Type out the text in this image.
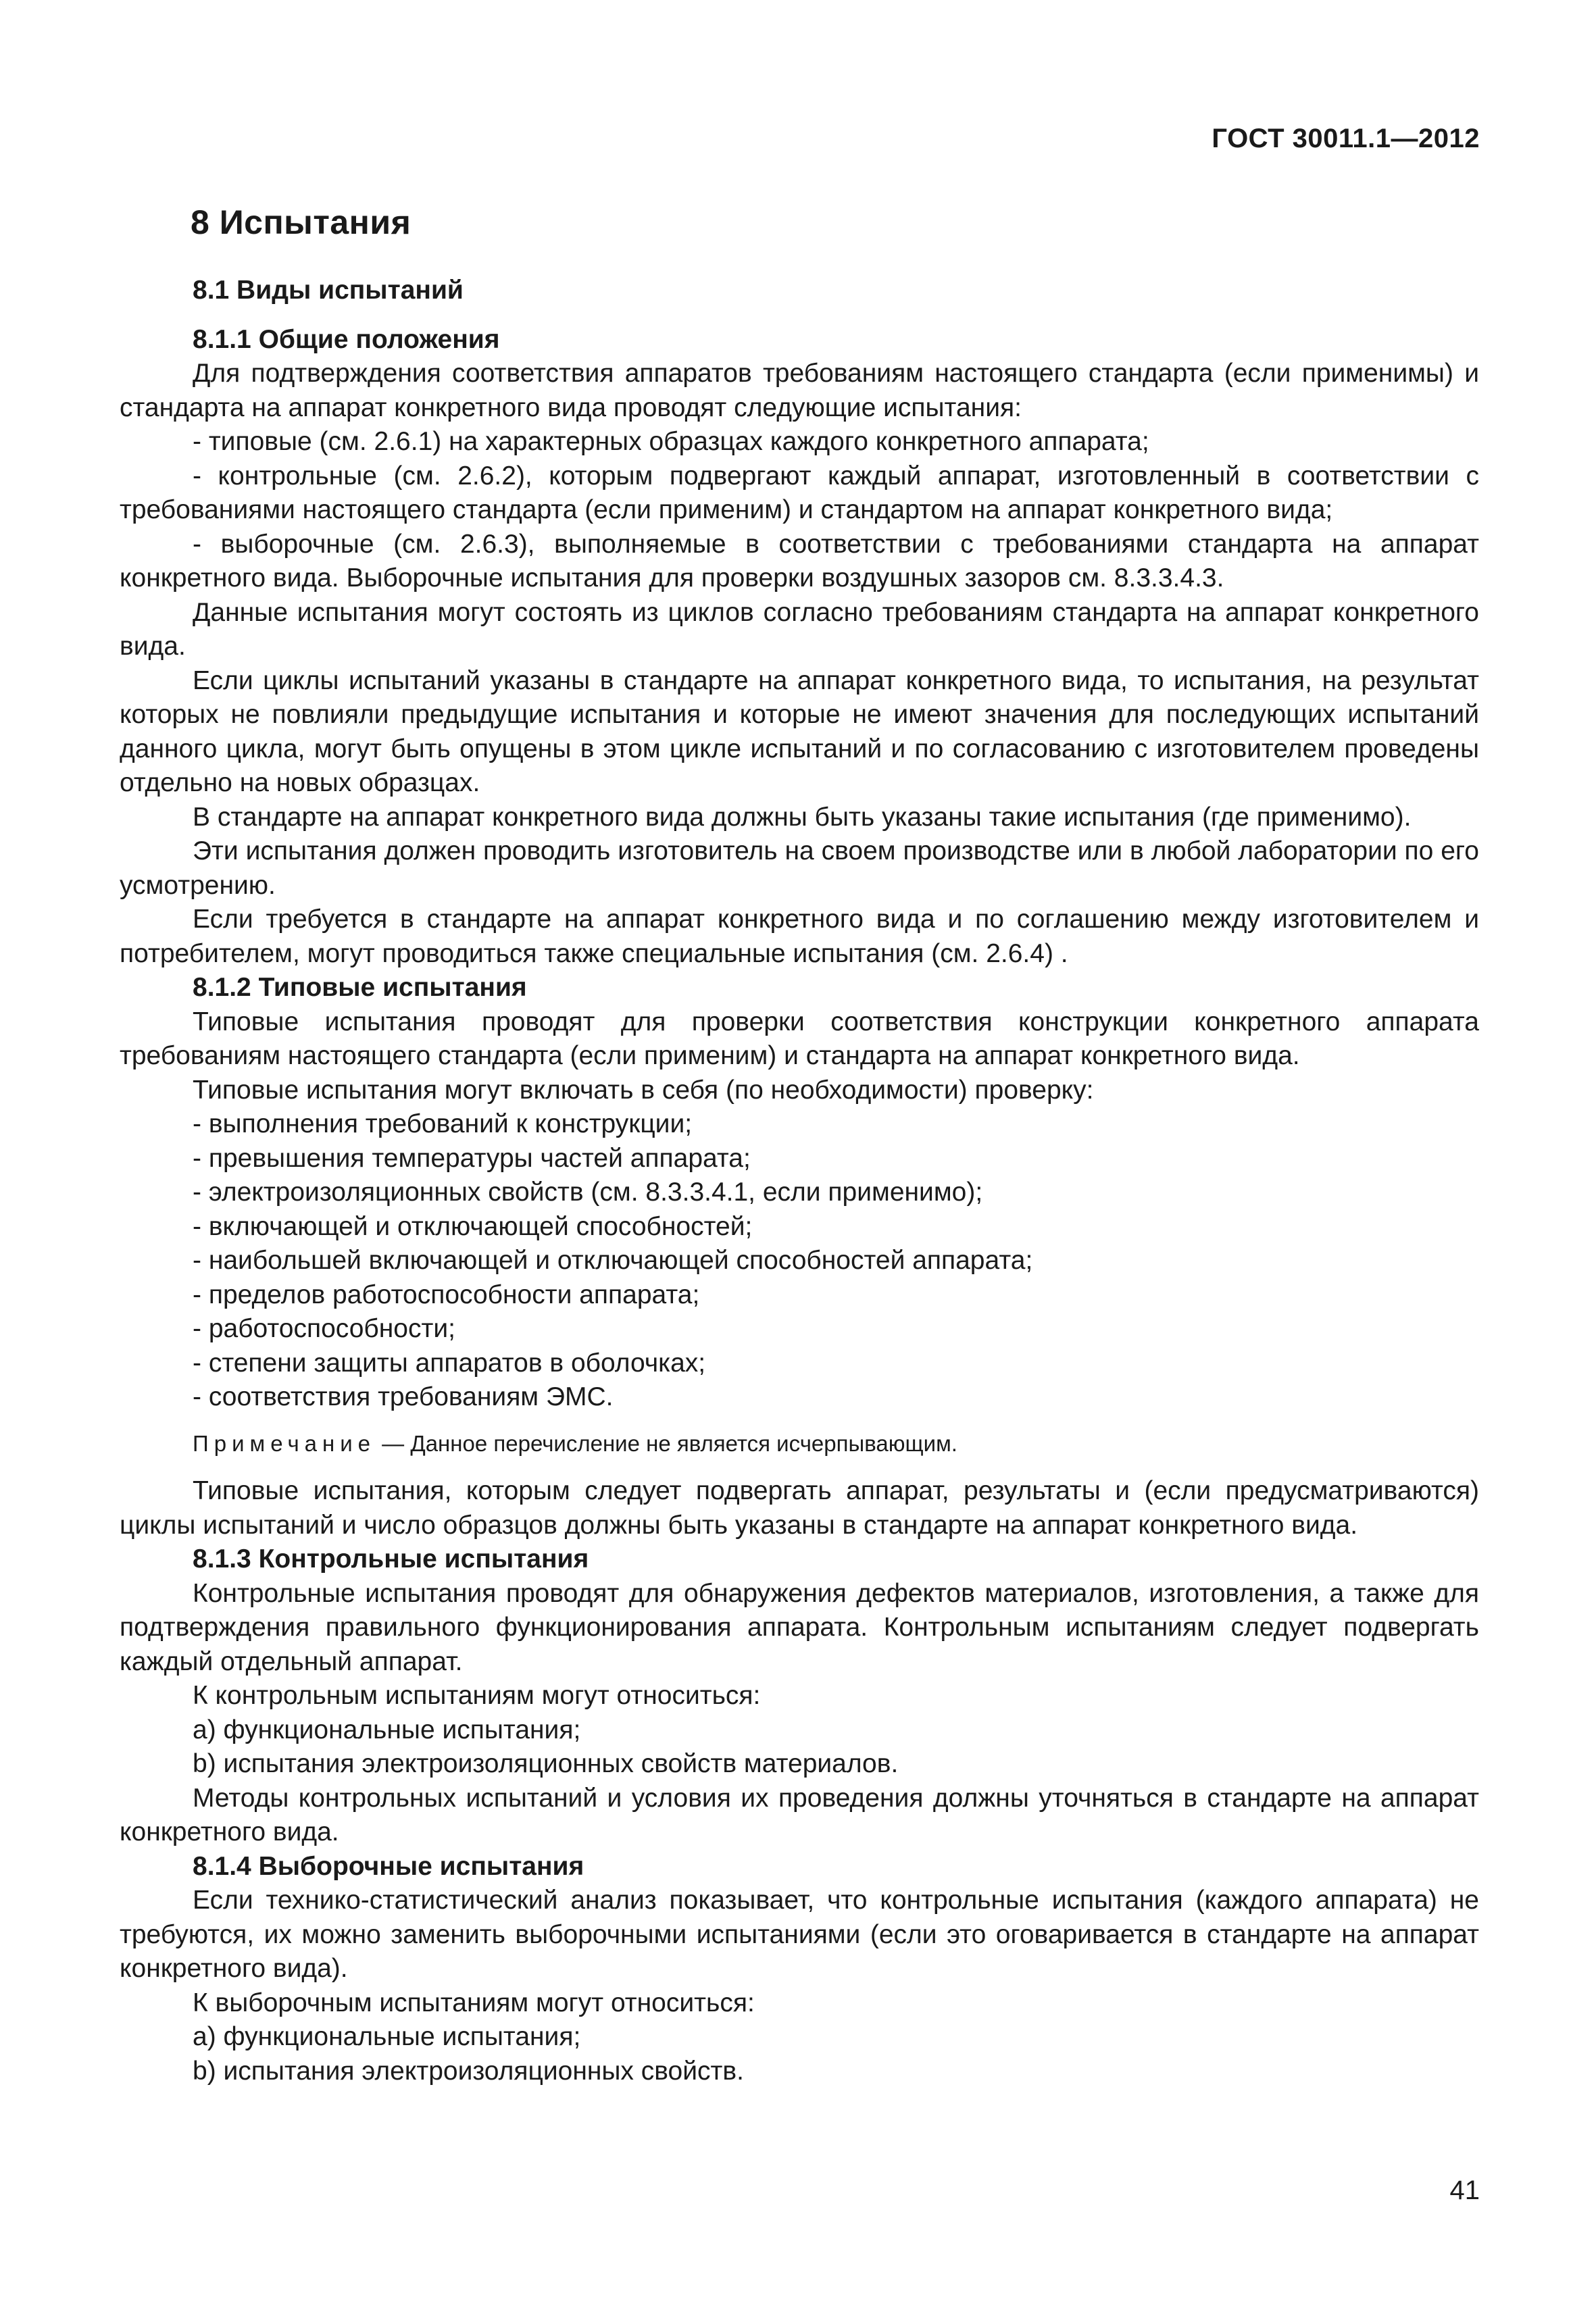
ГОСТ 30011.1—2012
8 Испытания

8.1 Виды испытаний

8.1.1 Общие положения

Для подтверждения соответствия аппаратов требованиям настоящего стандарта (если применимы) и стандарта на аппарат конкретного вида проводят следующие испытания:

- типовые (см. 2.6.1) на характерных образцах каждого конкретного аппарата;

- контрольные (см. 2.6.2), которым подвергают каждый аппарат, изготовленный в соответствии с требованиями настоящего стандарта (если применим) и стандартом на аппарат конкретного вида;

- выборочные (см. 2.6.3), выполняемые в соответствии с требованиями стандарта на аппарат конкретного вида. Выборочные испытания для проверки воздушных зазоров см. 8.3.3.4.3.

Данные испытания могут состоять из циклов согласно требованиям стандарта на аппарат конкретного вида.

Если циклы испытаний указаны в стандарте на аппарат конкретного вида, то испытания, на результат которых не повлияли предыдущие испытания и которые не имеют значения для последующих испытаний данного цикла, могут быть опущены в этом цикле испытаний и по согласованию с изготовителем проведены отдельно на новых образцах.

В стандарте на аппарат конкретного вида должны быть указаны такие испытания (где применимо).

Эти испытания должен проводить изготовитель на своем производстве или в любой лаборатории по его усмотрению.

Если требуется в стандарте на аппарат конкретного вида и по соглашению между изготовителем и потребителем, могут проводиться также специальные испытания (см. 2.6.4) .

8.1.2 Типовые испытания

Типовые испытания проводят для проверки соответствия конструкции конкретного аппарата требованиям настоящего стандарта (если применим) и стандарта на аппарат конкретного вида.

Типовые испытания могут включать в себя (по необходимости) проверку:

- выполнения требований к конструкции;

- превышения температуры частей аппарата;

- электроизоляционных свойств (см. 8.3.3.4.1, если применимо);

- включающей и отключающей способностей;

- наибольшей включающей и отключающей способностей аппарата;

- пределов работоспособности аппарата;

- работоспособности;

- степени защиты аппаратов в оболочках;

- соответствия требованиям ЭМС.

Примечание — Данное перечисление не является исчерпывающим.

Типовые испытания, которым следует подвергать аппарат, результаты и (если предусматриваются) циклы испытаний и число образцов должны быть указаны в стандарте на аппарат конкретного вида.

8.1.3 Контрольные испытания

Контрольные испытания проводят для обнаружения дефектов материалов, изготовления, а также для подтверждения правильного функционирования аппарата. Контрольным испытаниям следует подвергать каждый отдельный аппарат.

К контрольным испытаниям могут относиться:

а) функциональные испытания;

b) испытания электроизоляционных свойств материалов.

Методы контрольных испытаний и условия их проведения должны уточняться в стандарте на аппарат конкретного вида.

8.1.4 Выборочные испытания

Если технико-статистический анализ показывает, что контрольные испытания (каждого аппарата) не требуются, их можно заменить выборочными испытаниями (если это оговаривается в стандарте на аппарат конкретного вида).

К выборочным испытаниям могут относиться:

а) функциональные испытания;

b) испытания электроизоляционных свойств.

41
